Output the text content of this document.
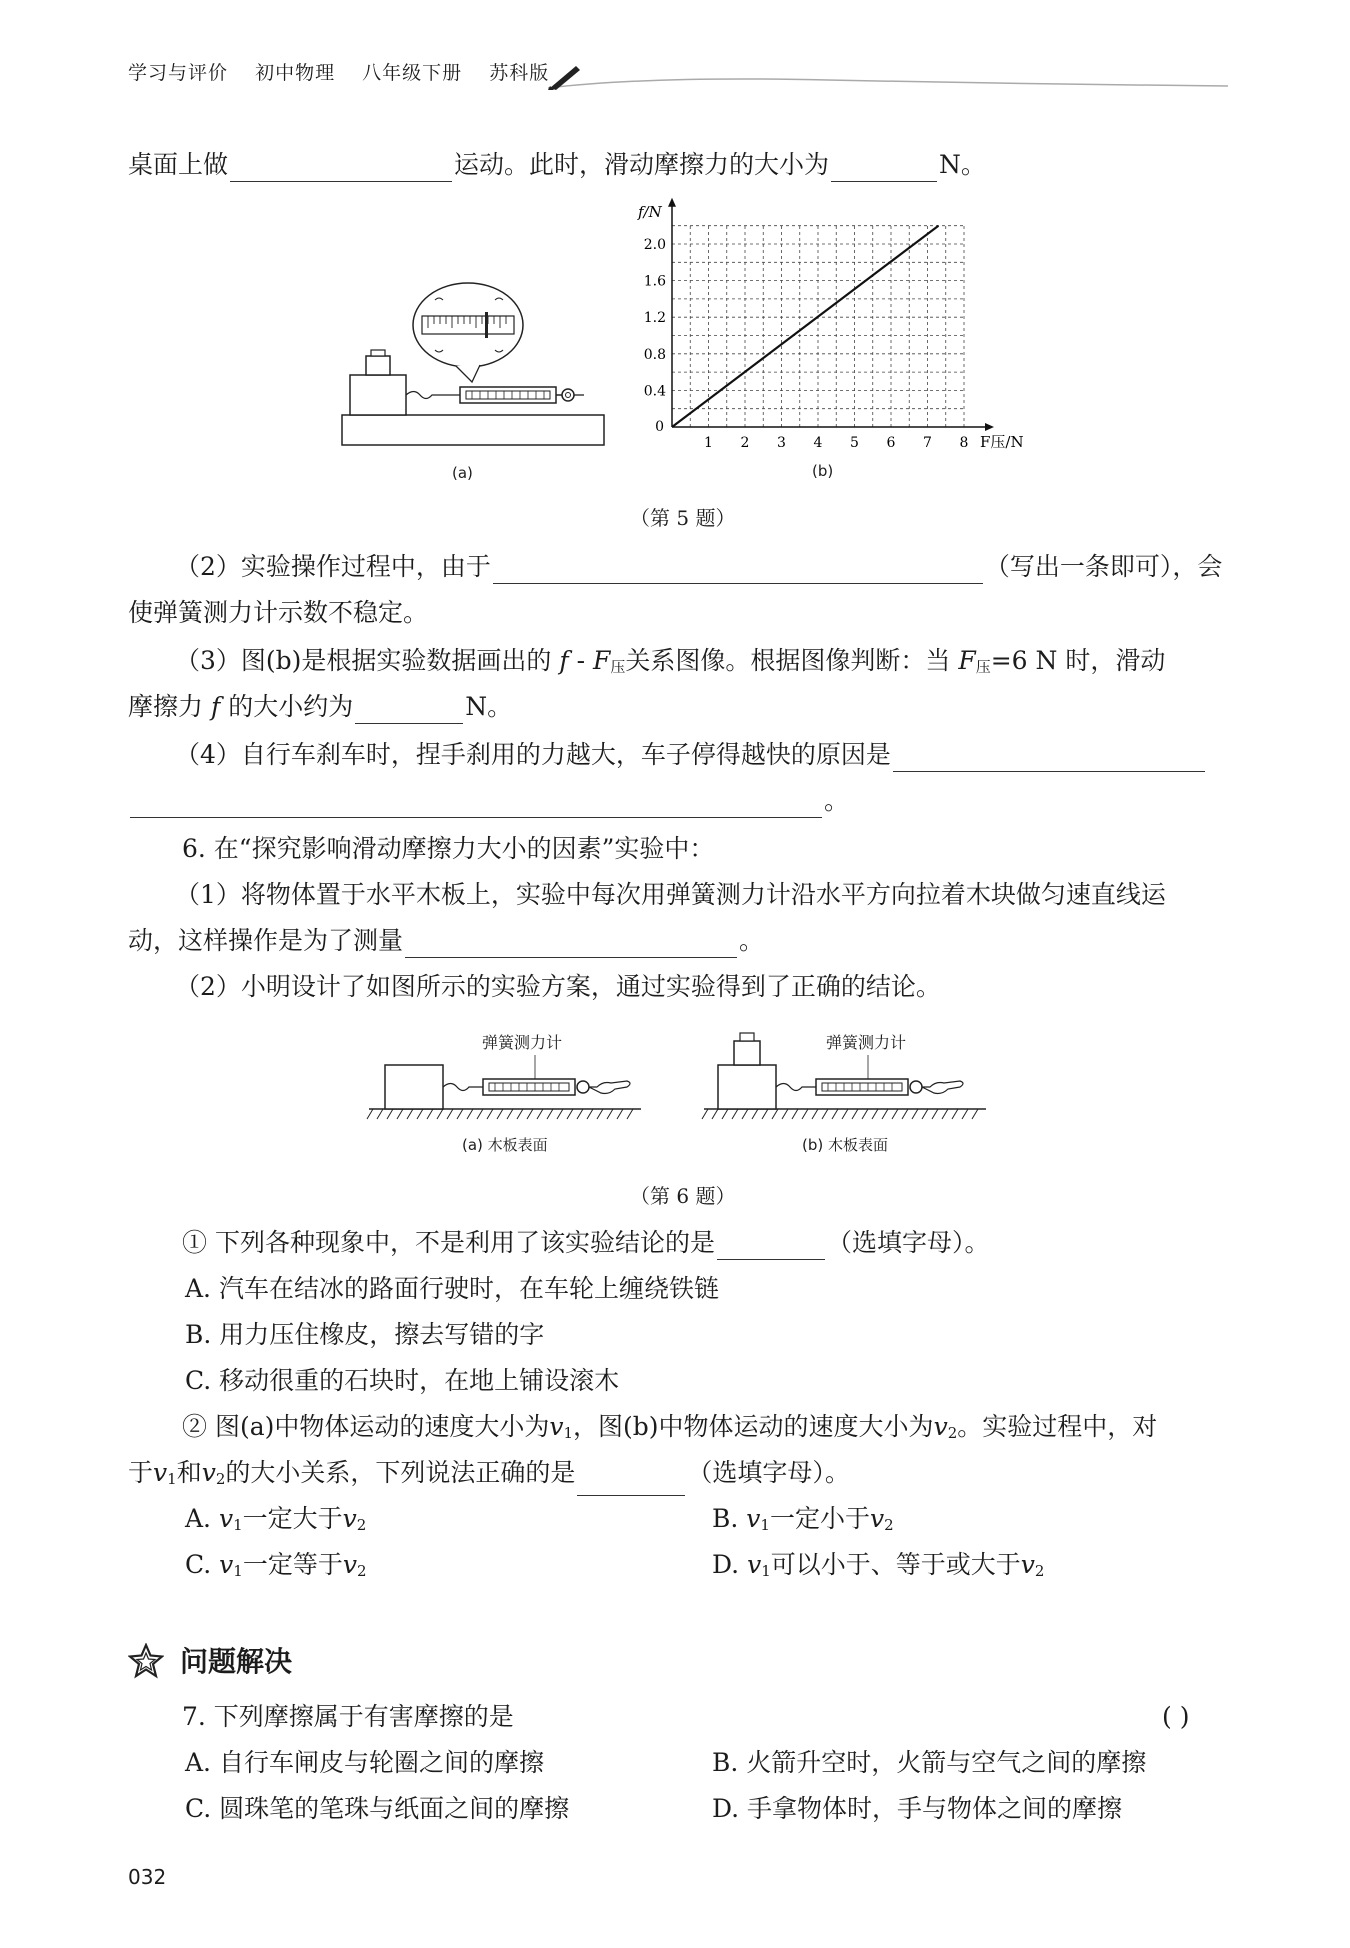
学习与评价 初中物理 八年级下册 苏科版
桌面上做	运动。此时，滑动摩擦力的大小为	N。
(a)
1 2 3 4 5 6 7 8
0.4
0.8
1.2
1.6
2.0
0
f/N
F压/N
(b)
（第 5 题）
（2）实验操作过程中，由于	（写出一条即可），会
使弹簧测力计示数不稳定。
（3）图(b)是根据实验数据画出的 f - $F_压$关系图像。根据图像判断：当 $F_压=6$ N 时，滑动
摩擦力 f 的大小约为	N。
（4）自行车刹车时，捏手刹用的力越大，车子停得越快的原因是
。
6. 在“探究影响滑动摩擦力大小的因素”实验中：
（1）将物体置于水平木板上，实验中每次用弹簧测力计沿水平方向拉着木块做匀速直线运
动，这样操作是为了测量	。
（2）小明设计了如图所示的实验方案，通过实验得到了正确的结论。
弹簧测力计
(a) 木板表面
弹簧测力计
(b) 木板表面
（第 6 题）
① 下列各种现象中，不是利用了该实验结论的是	（选填字母）。
A. 汽车在结冰的路面行驶时，在车轮上缠绕铁链
B. 用力压住橡皮，擦去写错的字
C. 移动很重的石块时，在地上铺设滚木
② 图(a)中物体运动的速度大小为$v_1$，图(b)中物体运动的速度大小为$v_2$。实验过程中，对
于$v_1$和$v_2$的大小关系，下列说法正确的是	（选填字母）。
A. $v_1$一定大于$v_2$	B. $v_1$一定小于$v_2$
C. $v_1$一定等于$v_2$	D. $v_1$可以小于、等于或大于$v_2$
问题解决
7. 下列摩擦属于有害摩擦的是	( )
A. 自行车闸皮与轮圈之间的摩擦	B. 火箭升空时，火箭与空气之间的摩擦
C. 圆珠笔的笔珠与纸面之间的摩擦	D. 手拿物体时，手与物体之间的摩擦
032
